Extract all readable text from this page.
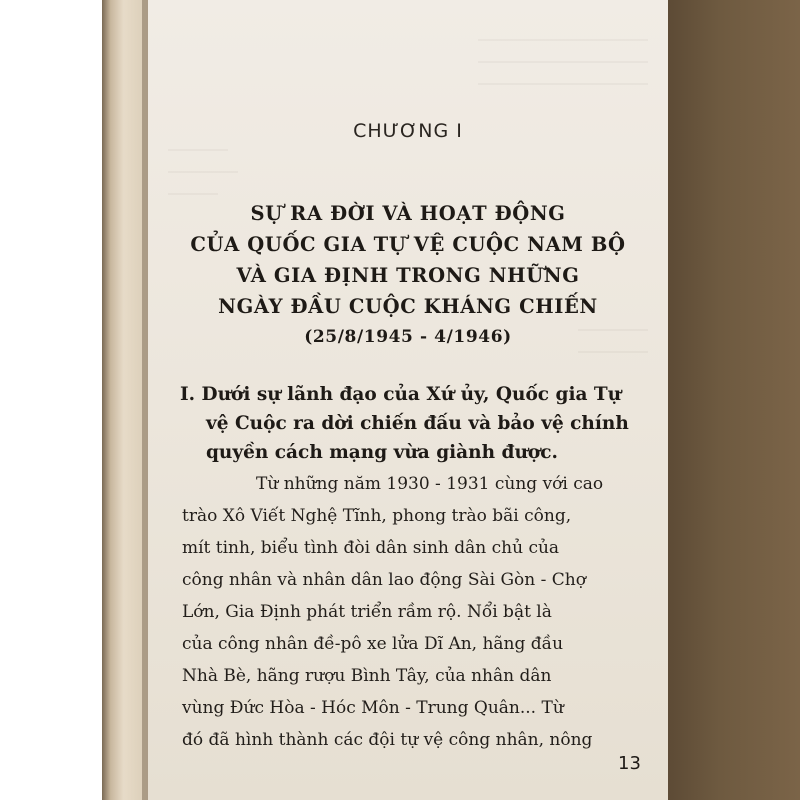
CHƯƠNG I
SỰ RA ĐỜI VÀ HOẠT ĐỘNG
CỦA QUỐC GIA TỰ VỆ CUỘC NAM BỘ
VÀ GIA ĐỊNH TRONG NHỮNG
NGÀY ĐẦU CUỘC KHÁNG CHIẾN
(25/8/1945 - 4/1946)
I. Dưới sự lãnh đạo của Xứ ủy, Quốc gia Tự
vệ Cuộc ra dời chiến đấu và bảo vệ chính
quyền cách mạng vừa giành được.
Từ những năm 1930 - 1931 cùng với cao
trào Xô Viết Nghệ Tĩnh, phong trào bãi công,
mít tinh, biểu tình đòi dân sinh dân chủ của
công nhân và nhân dân lao động Sài Gòn - Chợ
Lớn, Gia Định phát triển rầm rộ. Nổi bật là
của công nhân đề-pô xe lửa Dĩ An, hãng đầu
Nhà Bè, hãng rượu Bình Tây, của nhân dân
vùng Đức Hòa - Hóc Môn - Trung Quân... Từ
đó đã hình thành các đội tự vệ công nhân, nông
13
